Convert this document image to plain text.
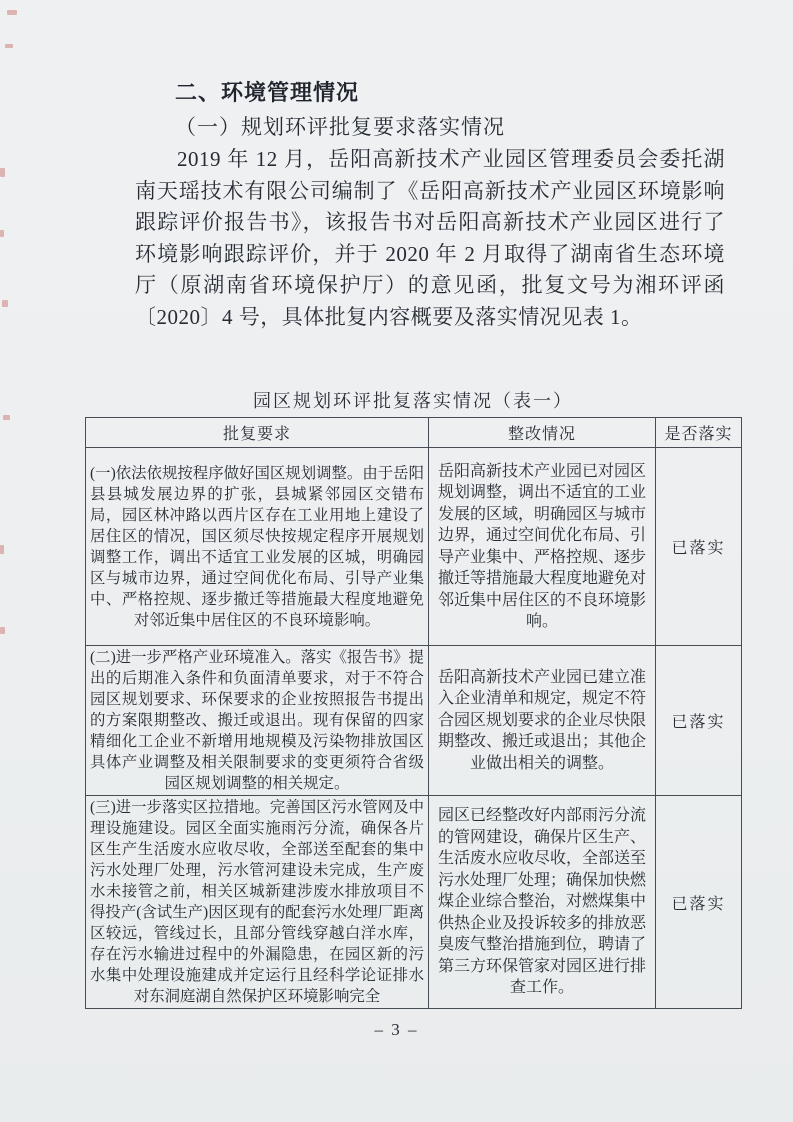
二、环境管理情况
（一）规划环评批复要求落实情况

2019 年 12 月，岳阳高新技术产业园区管理委员会委托湖南天瑶技术有限公司编制了《岳阳高新技术产业园区环境影响跟踪评价报告书》，该报告书对岳阳高新技术产业园区进行了环境影响跟踪评价，并于 2020 年 2 月取得了湖南省生态环境厅（原湖南省环境保护厅）的意见函，批复文号为湘环评函〔2020〕4 号，具体批复内容概要及落实情况见表 1。

园区规划环评批复落实情况（表一）
批复要求	整改情况	是否落实
(一)依法依规按程序做好国区规划调整。由于岳阳县县城发展边界的扩张，县城紧邻园区交错布局，园区林冲路以西片区存在工业用地上建设了居住区的情况，国区须尽快按规定程序开展规划调整工作，调出不适宜工业发展的区城，明确园区与城市边界，通过空间优化布局、引导产业集中、严格控规、逐步撤迁等措施最大程度地避免对邻近集中居住区的不良环境影响。	岳阳高新技术产业园已对园区规划调整，调出不适宜的工业发展的区域，明确园区与城市边界，通过空间优化布局、引导产业集中、严格控规、逐步撤迁等措施最大程度地避免对邻近集中居住区的不良环境影响。	已落实
(二)进一步严格产业环境准入。落实《报告书》提出的后期准入条件和负面清单要求，对于不符合园区规划要求、环保要求的企业按照报告书提出的方案限期整改、搬迁或退出。现有保留的四家精细化工企业不新增用地规模及污染物排放国区具体产业调整及相关限制要求的变更须符合省级园区规划调整的相关规定。	岳阳高新技术产业园已建立准入企业清单和规定，规定不符合园区规划要求的企业尽快限期整改、搬迁或退出；其他企业做出相关的调整。	已落实
(三)进一步落实区拉措地。完善国区污水管网及中理设施建设。园区全面实施雨污分流，确保各片区生产生活废水应收尽收，全部送至配套的集中污水处理厂处理，污水管河建设未完成，生产废水未接管之前，相关区城新建涉废水排放项目不得投产(含试生产)因区现有的配套污水处理厂距离区较远，管线过长，且部分管线穿越白洋水库，存在污水输进过程中的外漏隐患，在园区新的污水集中处理设施建成并定运行且经科学论证排水对东洞庭湖自然保护区环境影响完全	园区已经整改好内部雨污分流的管网建设，确保片区生产、生活废水应收尽收，全部送至污水处理厂处理；确保加快燃煤企业综合整治，对燃煤集中供热企业及投诉较多的排放恶臭废气整治措施到位，聘请了第三方环保管家对园区进行排查工作。	已落实
– 3 –
